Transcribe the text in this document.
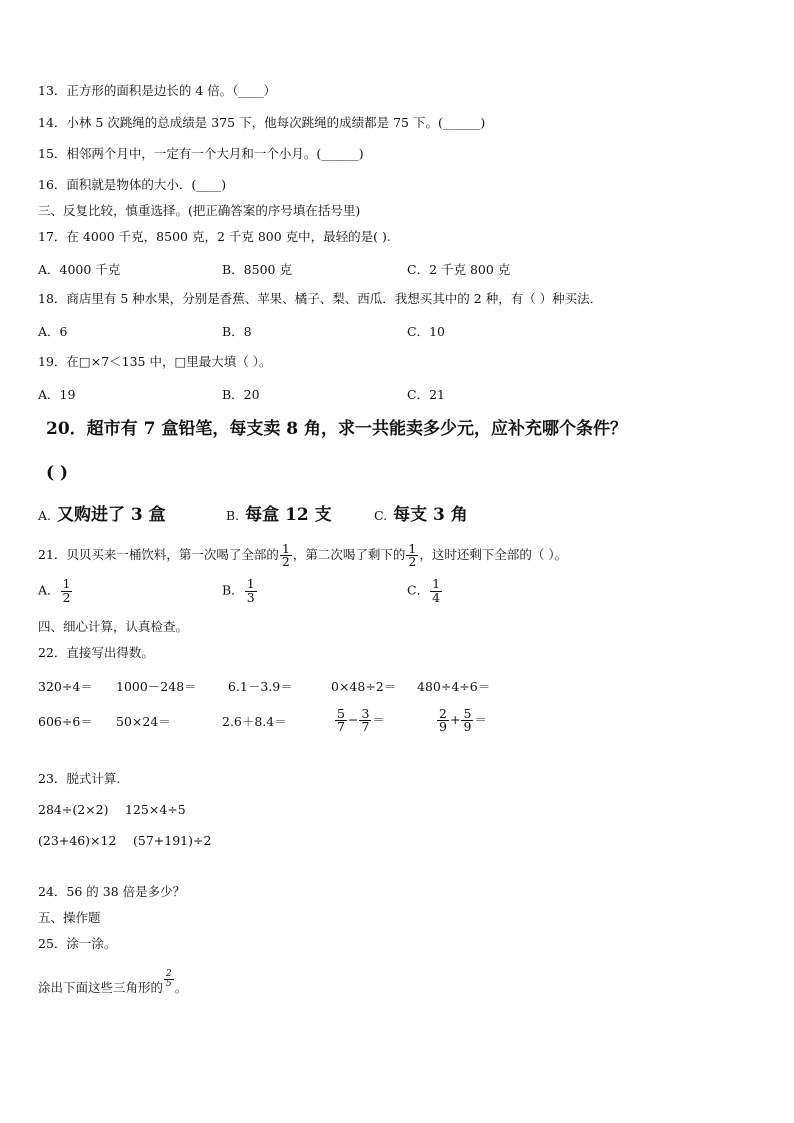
13．正方形的面积是边长的 4 倍。（____）
14．小林 5 次跳绳的总成绩是 375 下，他每次跳绳的成绩都是 75 下。(______)
15．相邻两个月中，一定有一个大月和一个小月。(______)
16．面积就是物体的大小．(____)
三、反复比较，慎重选择。(把正确答案的序号填在括号里)
17．在 4000 千克，8500 克，2 千克 800 克中，最轻的是( ).
A．4000 千克	B．8500 克	C．2 千克 800 克
18．商店里有 5 种水果，分别是香蕉、苹果、橘子、梨、西瓜．我想买其中的 2 种，有（ ）种买法．
A．6	B．8	C．10
19．在□×7＜135 中，□里最大填（ ）。
A．19	B．20	C．21
20．超市有 7 盒铅笔，每支卖 8 角，求一共能卖多少元，应补充哪个条件？
( )
A. 又购进了 3 盒	B. 每盒 12 支	C. 每支 3 角
21．贝贝买来一桶饮料，第一次喝了全部的 $\frac{1}{2}$ ，第二次喝了剩下的 $\frac{1}{2}$ ，这时还剩下全部的（ ）。
A． $\frac{1}{2}$	B． $\frac{1}{3}$	C． $\frac{1}{4}$
四、细心计算，认真检查。
22．直接写出得数。
320÷4＝ 1000－248＝	6.1－3.9＝	0×48÷2＝ 480÷4÷6＝
606÷6＝ 50×24＝	2.6＋8.4＝	$\frac{5}{7} - \frac{3}{7}$ ＝	$\frac{2}{9} + \frac{5}{9}$ ＝
23．脱式计算.
284÷(2×2) 125×4÷5
(23+46)×12 (57+191)÷2
24．56 的 38 倍是多少？
五、操作题
25．涂一涂。
涂出下面这些三角形的 $\frac{2}{5}$ 。
